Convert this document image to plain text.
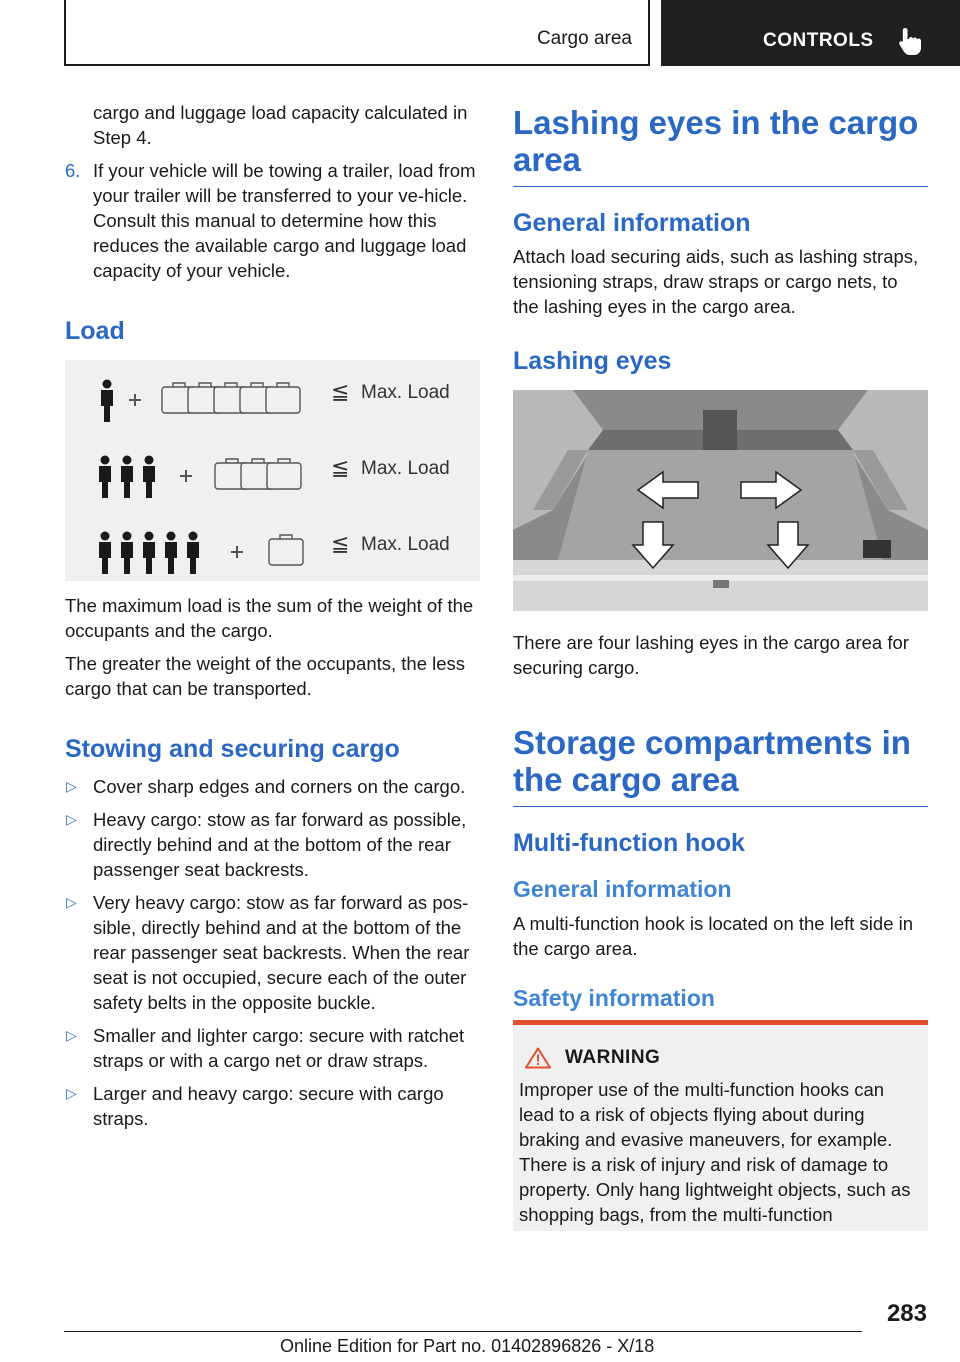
Cargo area	CONTROLS

cargo and luggage load capacity calculated in Step 4.

6. If your vehicle will be towing a trailer, load from your trailer will be transferred to your ve-hicle. Consult this manual to determine how this reduces the available cargo and luggage load capacity of your vehicle.
Load
≦ Max. Load
≦ Max. Load
≦ Max. Load

The maximum load is the sum of the weight of the occupants and the cargo.

The greater the weight of the occupants, the less cargo that can be transported.

Stowing and securing cargo
▷ Cover sharp edges and corners on the cargo.
▷ Heavy cargo: stow as far forward as possible, directly behind and at the bottom of the rear passenger seat backrests.
▷ Very heavy cargo: stow as far forward as pos-sible, directly behind and at the bottom of the rear passenger seat backrests. When the rear seat is not occupied, secure each of the outer safety belts in the opposite buckle.
▷ Smaller and lighter cargo: secure with ratchet straps or with a cargo net or draw straps.
▷ Larger and heavy cargo: secure with cargo straps.
Lashing eyes in the cargo area
General information

Attach load securing aids, such as lashing straps, tensioning straps, draw straps or cargo nets, to the lashing eyes in the cargo area.

Lashing eyes

There are four lashing eyes in the cargo area for securing cargo.

Storage compartments in the cargo area
Multi-function hook
General information

A multi-function hook is located on the left side in the cargo area.

Safety information
WARNING

Improper use of the multi-function hooks can lead to a risk of objects flying about during braking and evasive maneuvers, for example. There is a risk of injury and risk of damage to property. Only hang lightweight objects, such as shopping bags, from the multi-function

283
Online Edition for Part no. 01402896826 - X/18
